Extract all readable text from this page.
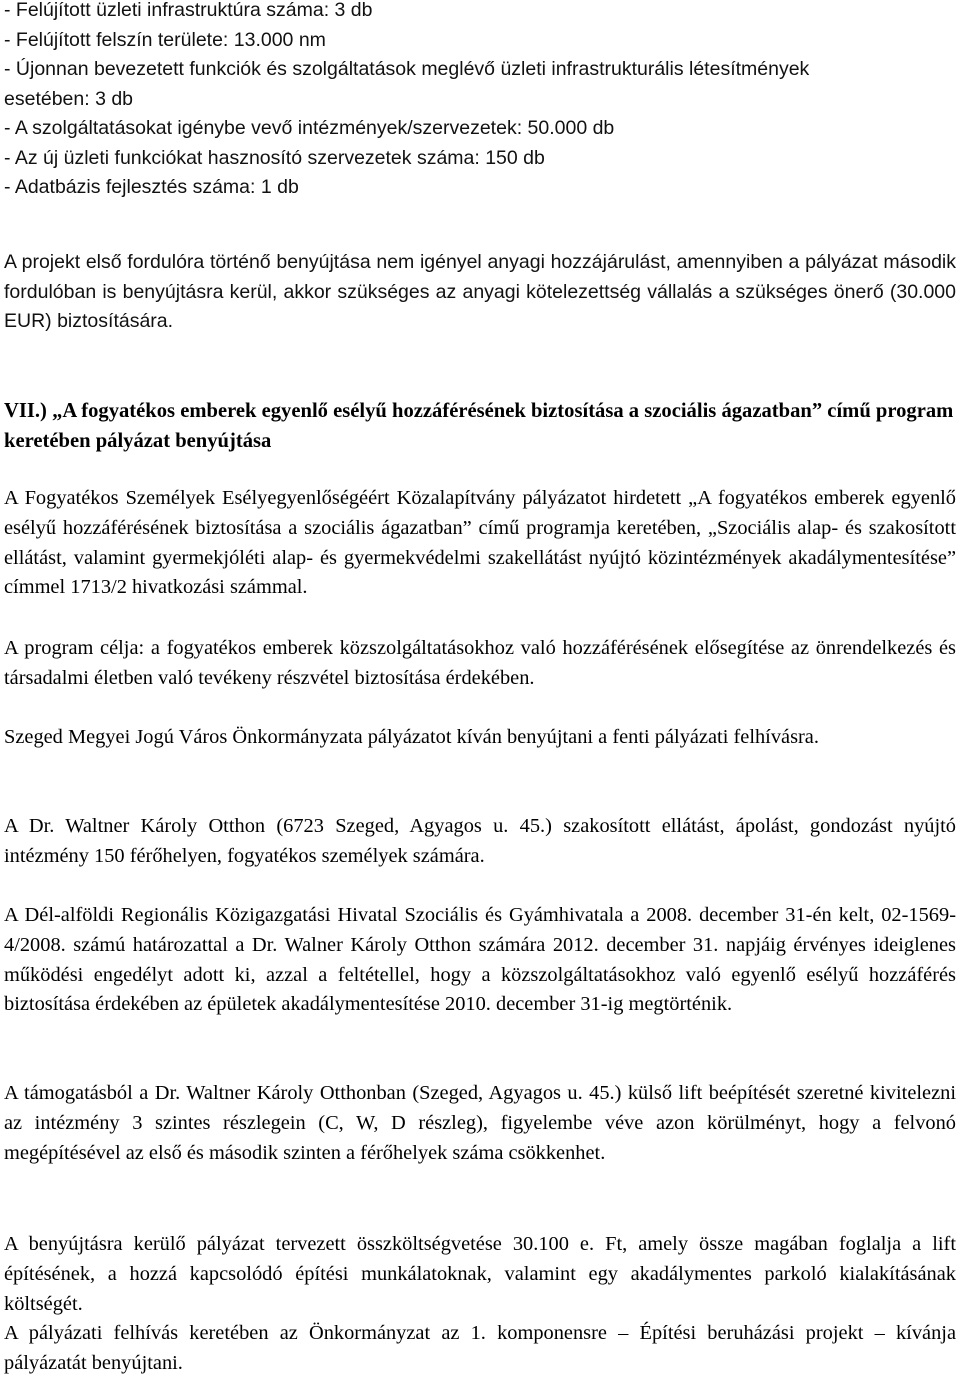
- Felújított üzleti infrastruktúra száma: 3 db
- Felújított felszín területe: 13.000 nm
- Újonnan bevezetett funkciók és szolgáltatások meglévő üzleti infrastrukturális létesítmények
esetében: 3 db
- A szolgáltatásokat igénybe vevő intézmények/szervezetek: 50.000 db
- Az új üzleti funkciókat hasznosító szervezetek száma: 150 db
- Adatbázis fejlesztés száma: 1 db

A projekt első fordulóra történő benyújtása nem igényel anyagi hozzájárulást, amennyiben a pályázat második fordulóban is benyújtásra kerül, akkor szükséges az anyagi kötelezettség vállalás a szükséges önerő (30.000 EUR) biztosítására.

VII.) „A fogyatékos emberek egyenlő esélyű hozzáférésének biztosítása a szociális ágazatban” című program keretében pályázat benyújtása

A Fogyatékos Személyek Esélyegyenlőségéért Közalapítvány pályázatot hirdetett „A fogyatékos emberek egyenlő esélyű hozzáférésének biztosítása a szociális ágazatban” című programja keretében, „Szociális alap- és szakosított ellátást, valamint gyermekjóléti alap- és gyermekvédelmi szakellátást nyújtó közintézmények akadálymentesítése” címmel 1713/2 hivatkozási számmal.

A program célja: a fogyatékos emberek közszolgáltatásokhoz való hozzáférésének elősegítése az önrendelkezés és társadalmi életben való tevékeny részvétel biztosítása érdekében.

Szeged Megyei Jogú Város Önkormányzata pályázatot kíván benyújtani a fenti pályázati felhívásra.

A Dr. Waltner Károly Otthon (6723 Szeged, Agyagos u. 45.) szakosított ellátást, ápolást, gondozást nyújtó intézmény 150 férőhelyen, fogyatékos személyek számára.

A Dél-alföldi Regionális Közigazgatási Hivatal Szociális és Gyámhivatala a 2008. december 31-én kelt, 02-1569-4/2008. számú határozattal a Dr. Walner Károly Otthon számára 2012. december 31. napjáig érvényes ideiglenes működési engedélyt adott ki, azzal a feltétellel, hogy a közszolgáltatásokhoz való egyenlő esélyű hozzáférés biztosítása érdekében az épületek akadálymentesítése 2010. december 31-ig megtörténik.

A támogatásból a Dr. Waltner Károly Otthonban (Szeged, Agyagos u. 45.) külső lift beépítését szeretné kivitelezni az intézmény 3 szintes részlegein (C, W, D részleg), figyelembe véve azon körülményt, hogy a felvonó megépítésével az első és második szinten a férőhelyek száma csökkenhet.

A benyújtásra kerülő pályázat tervezett összköltségvetése 30.100 e. Ft, amely össze magában foglalja a lift építésének, a hozzá kapcsolódó építési munkálatoknak, valamint egy akadálymentes parkoló kialakításának költségét.

A pályázati felhívás keretében az Önkormányzat az 1. komponensre – Építési beruházási projekt – kívánja pályázatát benyújtani.
